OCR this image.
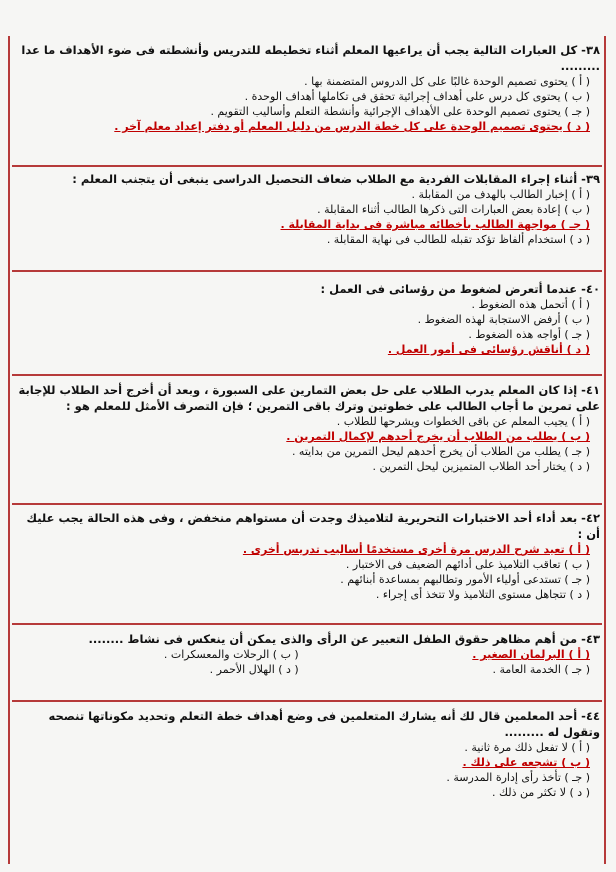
٣٨- كل العبارات التالية يجب أن يراعيها المعلم أثناء تخطيطه للتدريس وأنشطته فى ضوء الأهداف ما عدا .........
( أ ) يحتوى تصميم الوحدة غالبًا على كل الدروس المتضمنة بها .
( ب ) يحتوى كل درس على أهداف إجرائية تحقق فى تكاملها أهداف الوحدة .
( جـ ) يحتوى تصميم الوحدة على الأهداف الإجرائية وأنشطة التعلم وأساليب التقويم .
( د ) يحتوى تصميم الوحدة على كل خطة الدرس من دليل المعلم أو دفتر إعداد معلم آخر .
٣٩- أثناء إجراء المقابلات الفردية مع الطلاب ضعاف التحصيل الدراسى ينبغى أن يتجنب المعلم :
( أ ) إخبار الطالب بالهدف من المقابلة .
( ب ) إعادة بعض العبارات التى ذكرها الطالب أثناء المقابلة .
( جـ ) مواجهة الطالب بأخطائه مباشرة فى بداية المقابلة .
( د ) استخدام ألفاظ تؤكد تقبله للطالب فى نهاية المقابلة .
٤٠- عندما أتعرض لضغوط من رؤسائى فى العمل :
( أ ) أتحمل هذه الضغوط .
( ب ) أرفض الاستجابة لهذه الضغوط .
( جـ ) أواجه هذه الضغوط .
( د ) أناقش رؤسائى فى أمور العمل .
٤١- إذا كان المعلم يدرب الطلاب على حل بعض التمارين على السبورة ، وبعد أن أخرج أحد الطلاب للإجابة على تمرين ما أجاب الطالب على خطوتين وترك باقى التمرين ؛ فإن التصرف الأمثل للمعلم هو :
( أ ) يجيب المعلم عن باقى الخطوات ويشرحها للطلاب .
( ب ) يطلب من الطلاب أن يخرج أحدهم لإكمال التمرين .
( جـ ) يطلب من الطلاب أن يخرج أحدهم ليحل التمرين من بدايته .
( د ) يختار أحد الطلاب المتميزين ليحل التمرين .
٤٢- بعد أداء أحد الاختبارات التحريرية لتلاميذك وجدت أن مستواهم منخفض ، وفى هذه الحالة يجب عليك أن :
( أ ) تعيد شرح الدرس مرة أخرى مستخدمًا أساليب تدريس أخرى .
( ب ) تعاقب التلاميذ على أدائهم الضعيف فى الاختبار .
( جـ ) تستدعى أولياء الأمور وتطالبهم بمساعدة أبنائهم .
( د ) تتجاهل مستوى التلاميذ ولا تتخذ أى إجراء .
٤٣- من أهم مظاهر حقوق الطفل التعبير عن الرأى والذى يمكن أن ينعكس فى نشاط ........
( أ ) البرلمان الصغير .
( ب ) الرحلات والمعسكرات .
( جـ ) الخدمة العامة .
( د ) الهلال الأحمر .
٤٤- أحد المعلمين قال لك أنه يشارك المتعلمين فى وضع أهداف خطة التعلم وتحديد مكوناتها تنصحه وتقول له .........
( أ ) لا تفعل ذلك مرة ثانية .
( ب ) تشجعه على ذلك .
( جـ ) تأخذ رأى إدارة المدرسة .
( د ) لا تكثر من ذلك .
